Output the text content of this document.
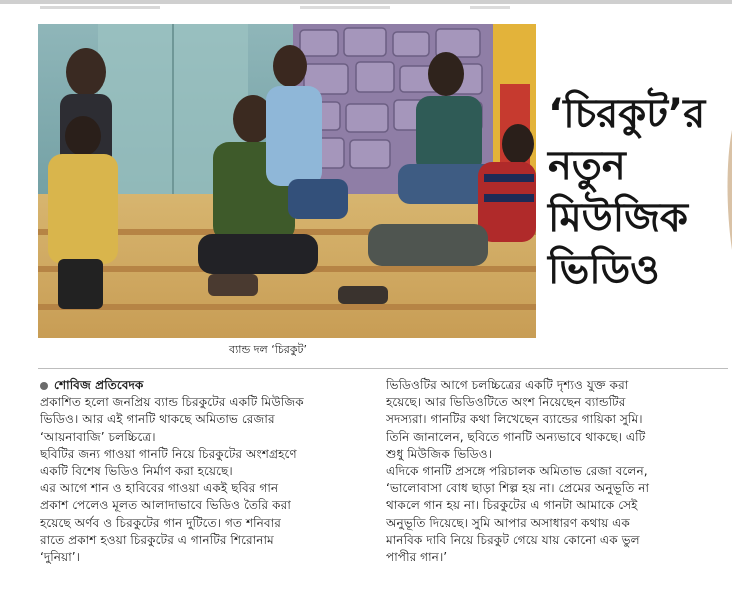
ব্যান্ড দল ‘চিরকুট’
‘চিরকুট’র
নতুন
মিউজিক
ভিডিও
শোবিজ প্রতিবেদক
প্রকাশিত হলো জনপ্রিয় ব্যান্ড চিরকুটের একটি মিউজিক
ভিডিও। আর এই গানটি থাকছে অমিতাভ রেজার
‘আয়নাবাজি’ চলচ্চিত্রে।
ছবিটির জন্য গাওয়া গানটি নিয়ে চিরকুটের অংশগ্রহণে
একটি বিশেষ ভিডিও নির্মাণ করা হয়েছে।
এর আগে শান ও হাবিবের গাওয়া একই ছবির গান
প্রকাশ পেলেও মূলত আলাদাভাবে ভিডিও তৈরি করা
হয়েছে অর্ণব ও চিরকুটের গান দুটিতে। গত শনিবার
রাতে প্রকাশ হওয়া চিরকুটের এ গানটির শিরোনাম
‘দুনিয়া’।
ভিডিওটির আগে চলচ্চিত্রের একটি দৃশ্যও যুক্ত করা
হয়েছে। আর ভিডিওটিতে অংশ নিয়েছেন ব্যান্ডটির
সদস্যরা। গানটির কথা লিখেছেন ব্যান্ডের গায়িকা সুমি।
তিনি জানালেন, ছবিতে গানটি অন্যভাবে থাকছে। এটি
শুধু মিউজিক ভিডিও।
এদিকে গানটি প্রসঙ্গে পরিচালক অমিতাভ রেজা বলেন,
‘ভালোবাসা বোধ ছাড়া শিল্প হয় না। প্রেমের অনুভূতি না
থাকলে গান হয় না। চিরকুটের এ গানটা আমাকে সেই
অনুভূতি দিয়েছে। সুমি আপার অসাধারণ কথায় এক
মানবিক দাবি নিয়ে চিরকুট গেয়ে যায় কোনো এক ভুল
পাপীর গান।’
